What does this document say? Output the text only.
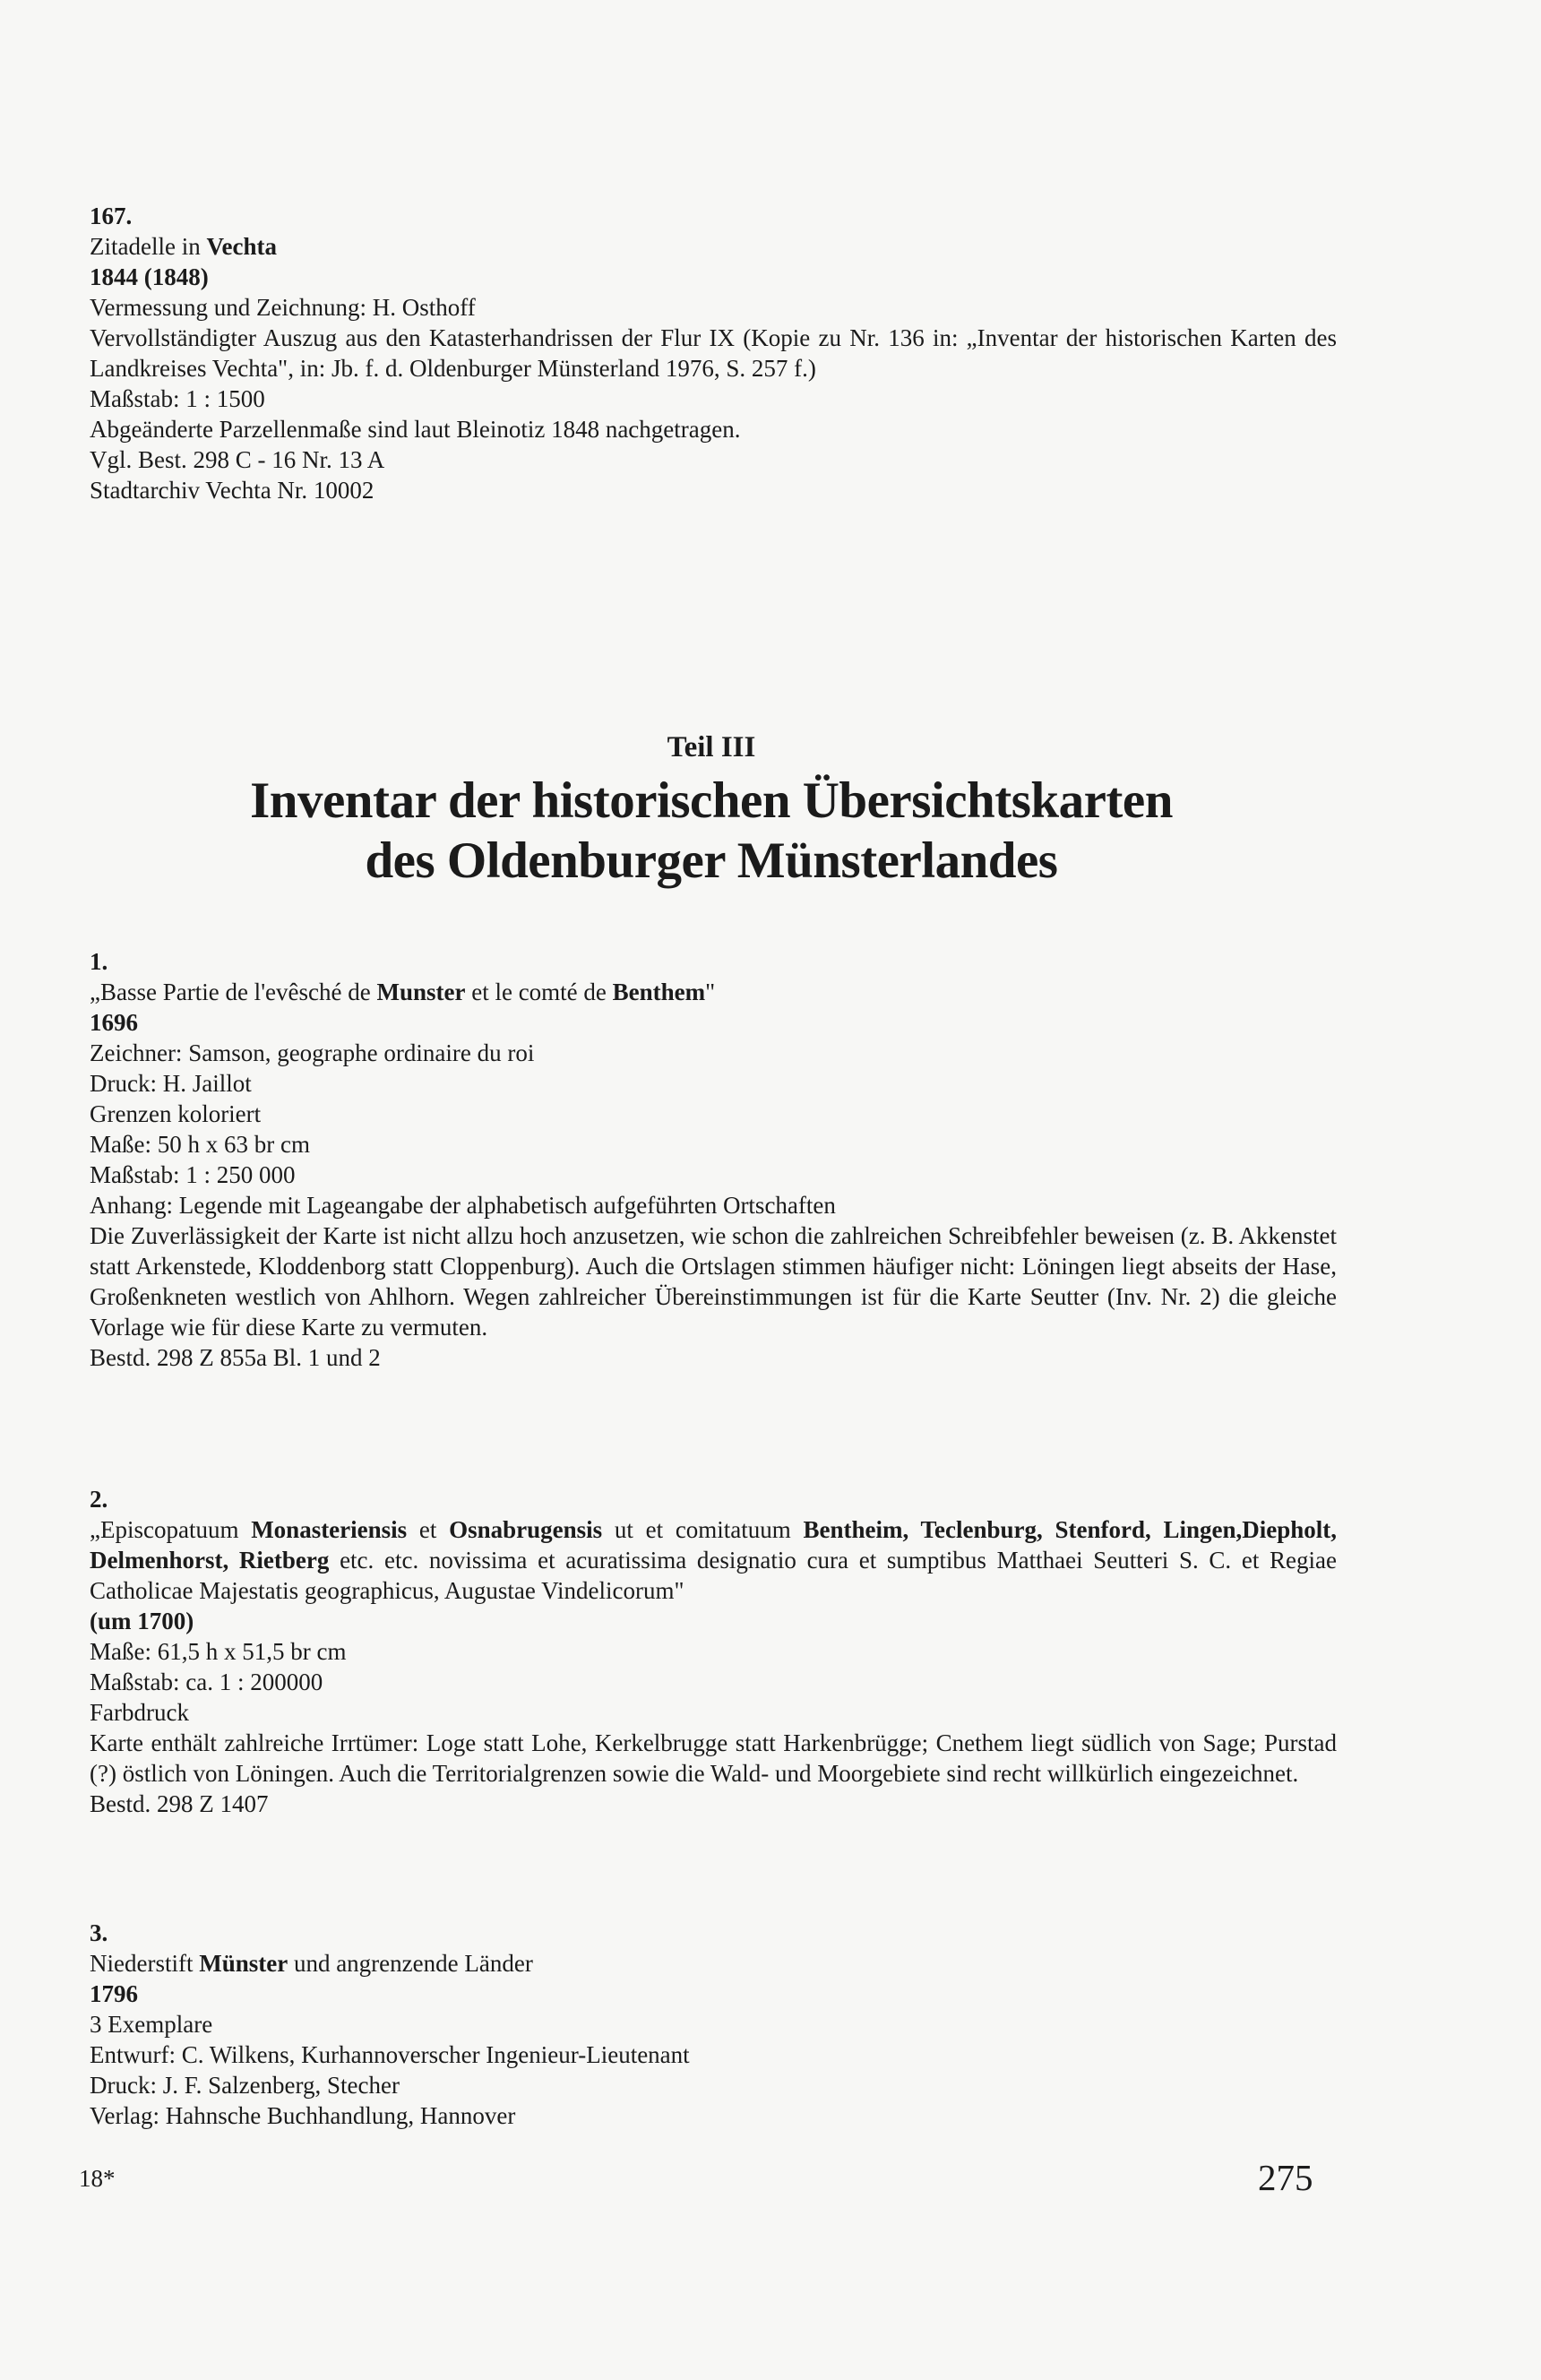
167.
Zitadelle in Vechta
1844 (1848)
Vermessung und Zeichnung: H. Osthoff
Vervollständigter Auszug aus den Katasterhandrissen der Flur IX (Kopie zu Nr. 136 in: „Inventar der historischen Karten des Landkreises Vechta", in: Jb. f. d. Oldenburger Münsterland 1976, S. 257 f.)
Maßstab: 1 : 1500
Abgeänderte Parzellenmaße sind laut Bleinotiz 1848 nachgetragen.
Vgl. Best. 298 C - 16 Nr. 13 A
Stadtarchiv Vechta Nr. 10002
Teil III
Inventar der historischen Übersichtskarten
des Oldenburger Münsterlandes
1.
„Basse Partie de l'evêsché de Munster et le comté de Benthem"
1696
Zeichner: Samson, geographe ordinaire du roi
Druck: H. Jaillot
Grenzen koloriert
Maße: 50 h x 63 br cm
Maßstab: 1 : 250 000
Anhang: Legende mit Lageangabe der alphabetisch aufgeführten Ortschaften
Die Zuverlässigkeit der Karte ist nicht allzu hoch anzusetzen, wie schon die zahlreichen Schreibfehler beweisen (z. B. Akkenstet statt Arkenstede, Kloddenborg statt Cloppenburg). Auch die Ortslagen stimmen häufiger nicht: Löningen liegt abseits der Hase, Großenkneten westlich von Ahlhorn. Wegen zahlreicher Übereinstimmungen ist für die Karte Seutter (Inv. Nr. 2) die gleiche Vorlage wie für diese Karte zu vermuten.
Bestd. 298 Z 855a Bl. 1 und 2
2.
„Episcopatuum Monasteriensis et Osnabrugensis ut et comitatuum Bentheim, Teclenburg, Stenford, Lingen,Diepholt, Delmenhorst, Rietberg etc. etc. novissima et acuratissima designatio cura et sumptibus Matthaei Seutteri S. C. et Regiae Catholicae Majestatis geographicus, Augustae Vindelicorum"
(um 1700)
Maße: 61,5 h x 51,5 br cm
Maßstab: ca. 1 : 200000
Farbdruck
Karte enthält zahlreiche Irrtümer: Loge statt Lohe, Kerkelbrugge statt Harkenbrügge; Cnethem liegt südlich von Sage; Purstad (?) östlich von Löningen. Auch die Territorialgrenzen sowie die Wald- und Moorgebiete sind recht willkürlich eingezeichnet.
Bestd. 298 Z 1407
3.
Niederstift Münster und angrenzende Länder
1796
3 Exemplare
Entwurf: C. Wilkens, Kurhannoverscher Ingenieur-Lieutenant
Druck: J. F. Salzenberg, Stecher
Verlag: Hahnsche Buchhandlung, Hannover
18*	275
